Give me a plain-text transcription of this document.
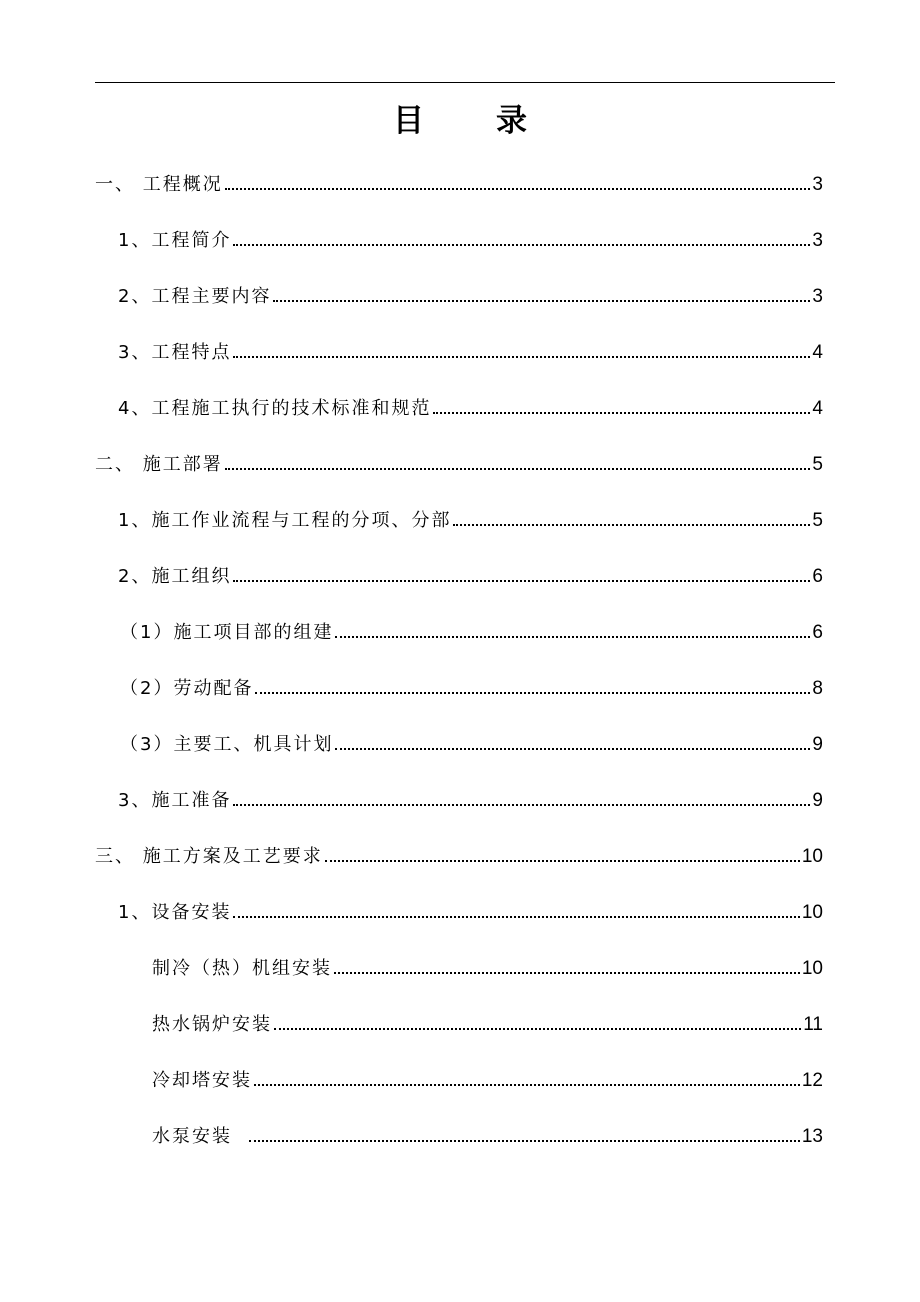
目 录
一、 工程概况	3
1、工程简介	3
2、工程主要内容	3
3、工程特点	4
4、工程施工执行的技术标准和规范	4
二、 施工部署	5
1、施工作业流程与工程的分项、分部	5
2、施工组织	6
（1）施工项目部的组建	6
（2）劳动配备	8
（3）主要工、机具计划	9
3、施工准备	9
三、 施工方案及工艺要求	10
1、设备安装	10
制冷（热）机组安装	10
热水锅炉安装	11
冷却塔安装	12
水泵安装	13
